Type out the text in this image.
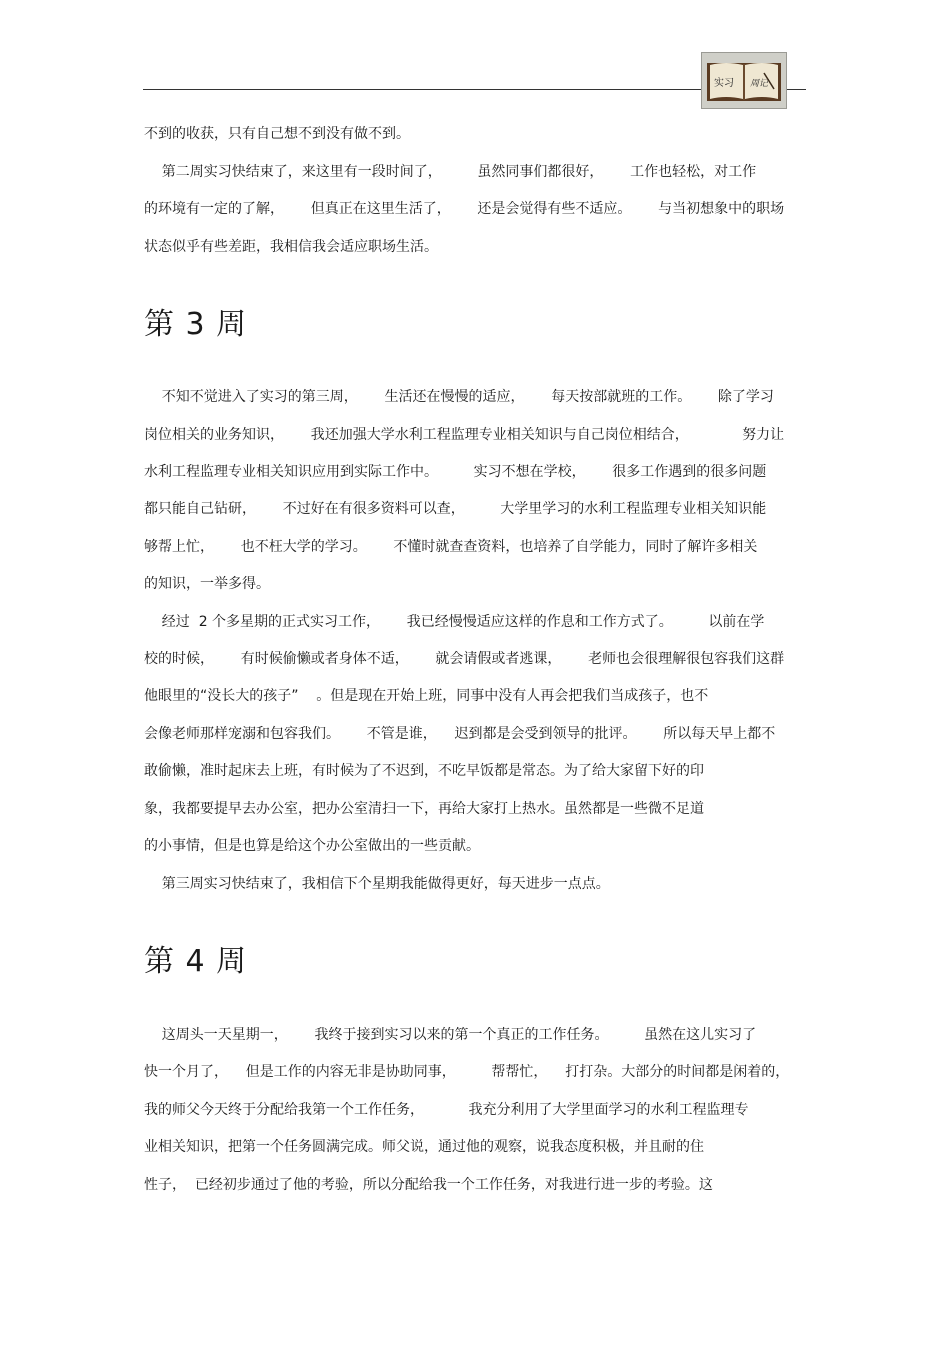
实习 周记

不到的收获，只有自己想不到没有做不到。

第二周实习快结束了，来这里有一段时间了，        虽然同事们都很好，      工作也轻松，对工作

的环境有一定的了解，      但真正在这里生活了，      还是会觉得有些不适应。      与当初想象中的职场

状态似乎有些差距，我相信我会适应职场生活。

第 3 周

不知不觉进入了实习的第三周，      生活还在慢慢的适应，      每天按部就班的工作。      除了学习

岗位相关的业务知识，      我还加强大学水利工程监理专业相关知识与自己岗位相结合，            努力让

水利工程监理专业相关知识应用到实际工作中。        实习不想在学校，      很多工作遇到的很多问题

都只能自己钻研，      不过好在有很多资料可以查，        大学里学习的水利工程监理专业相关知识能

够帮上忙，      也不枉大学的学习。      不懂时就查查资料，也培养了自学能力，同时了解许多相关

的知识，一举多得。

经过  2 个多星期的正式实习工作，      我已经慢慢适应这样的作息和工作方式了。        以前在学

校的时候，      有时候偷懒或者身体不适，      就会请假或者逃课，      老师也会很理解很包容我们这群

他眼里的“没长大的孩子”    。但是现在开始上班，同事中没有人再会把我们当成孩子，也不

会像老师那样宠溺和包容我们。      不管是谁，    迟到都是会受到领导的批评。      所以每天早上都不

敢偷懒，准时起床去上班，有时候为了不迟到，不吃早饭都是常态。为了给大家留下好的印

象，我都要提早去办公室，把办公室清扫一下，再给大家打上热水。虽然都是一些微不足道

的小事情，但是也算是给这个办公室做出的一些贡献。

第三周实习快结束了，我相信下个星期我能做得更好，每天进步一点点。

第 4 周

这周头一天星期一，      我终于接到实习以来的第一个真正的工作任务。        虽然在这儿实习了

快一个月了，    但是工作的内容无非是协助同事，        帮帮忙，    打打杂。大部分的时间都是闲着的，

我的师父今天终于分配给我第一个工作任务，          我充分利用了大学里面学习的水利工程监理专

业相关知识，把第一个任务圆满完成。师父说，通过他的观察，说我态度积极，并且耐的住

性子，  已经初步通过了他的考验，所以分配给我一个工作任务，对我进行进一步的考验。这
